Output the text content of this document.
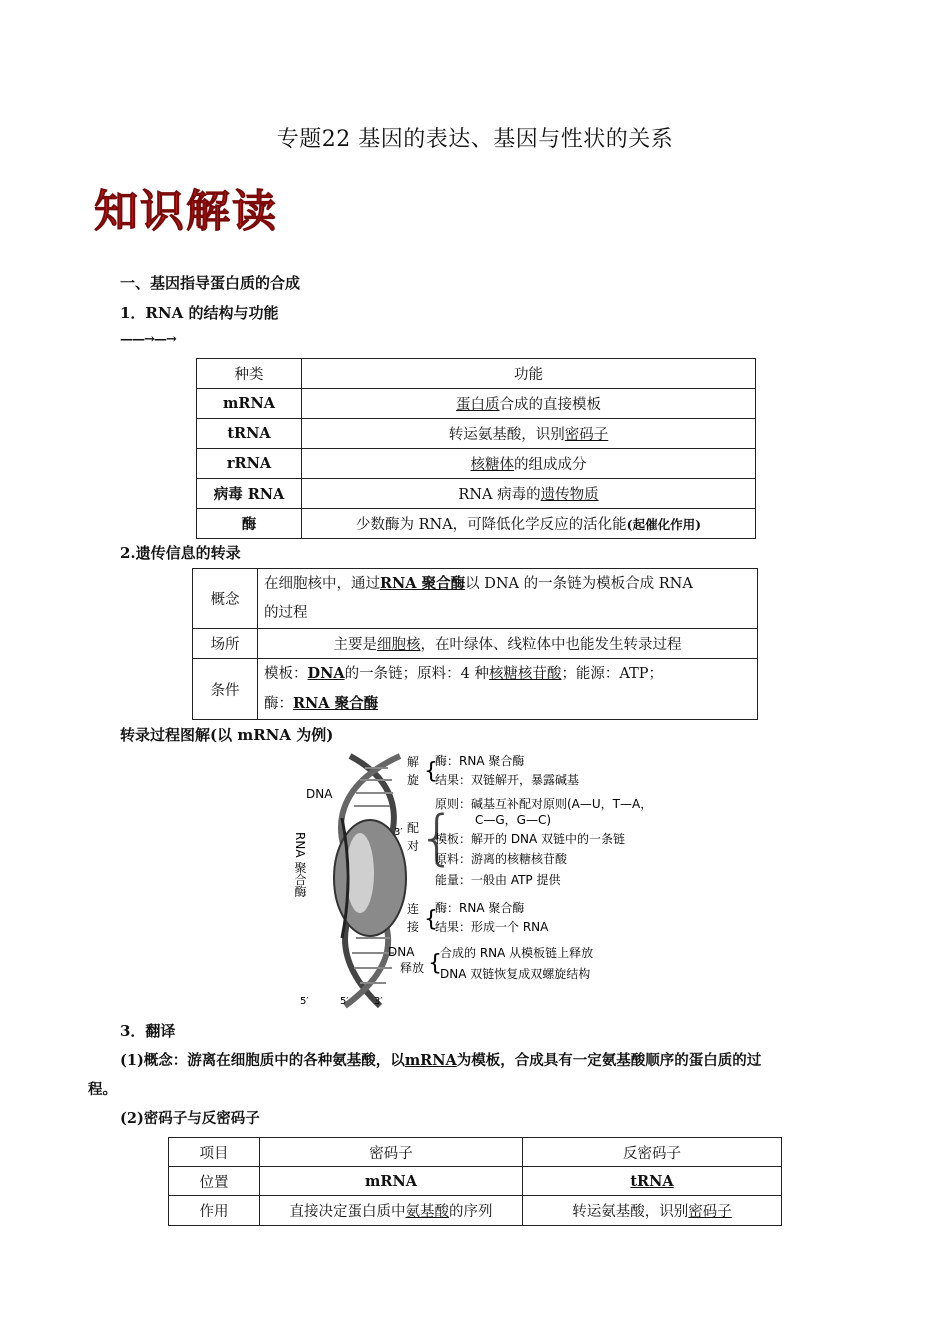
专题22 基因的表达、基因与性状的关系
知识解读
一、基因指导蛋白质的合成
1．RNA 的结构与功能
——→—→
种类	功能
mRNA	蛋白质合成的直接模板
tRNA	转运氨基酸，识别密码子
rRNA	核糖体的组成成分
病毒 RNA	RNA 病毒的遗传物质
酶	少数酶为 RNA，可降低化学反应的活化能(起催化作用)
2.遗传信息的转录
概念	在细胞核中，通过RNA 聚合酶以 DNA 的一条链为模板合成 RNA
的过程
场所	主要是细胞核，在叶绿体、线粒体中也能发生转录过程
条件	模板：DNA的一条链；原料：4 种核糖核苷酸；能源：ATP；
酶：RNA 聚合酶
转录过程图解(以 mRNA 为例)
DNA
3′
5′	5′	3′
RNA 聚合酶
解
旋 {
酶：RNA 聚合酶
结果：双链解开，暴露碱基
配
对
{
原则：碱基互补配对原则(A—U，T—A，
C—G，G—C)
模板：解开的 DNA 双链中的一条链
原料：游离的核糖核苷酸
能量：一般由 ATP 提供
连
接 {
酶：RNA 聚合酶
结果：形成一个 RNA
DNA
释放 {
合成的 RNA 从模板链上释放
DNA 双链恢复成双螺旋结构
3．翻译
(1)概念：游离在细胞质中的各种氨基酸，以mRNA为模板，合成具有一定氨基酸顺序的蛋白质的过
程。
(2)密码子与反密码子
项目	密码子	反密码子
位置	mRNA	tRNA
作用	直接决定蛋白质中氨基酸的序列	转运氨基酸，识别密码子
